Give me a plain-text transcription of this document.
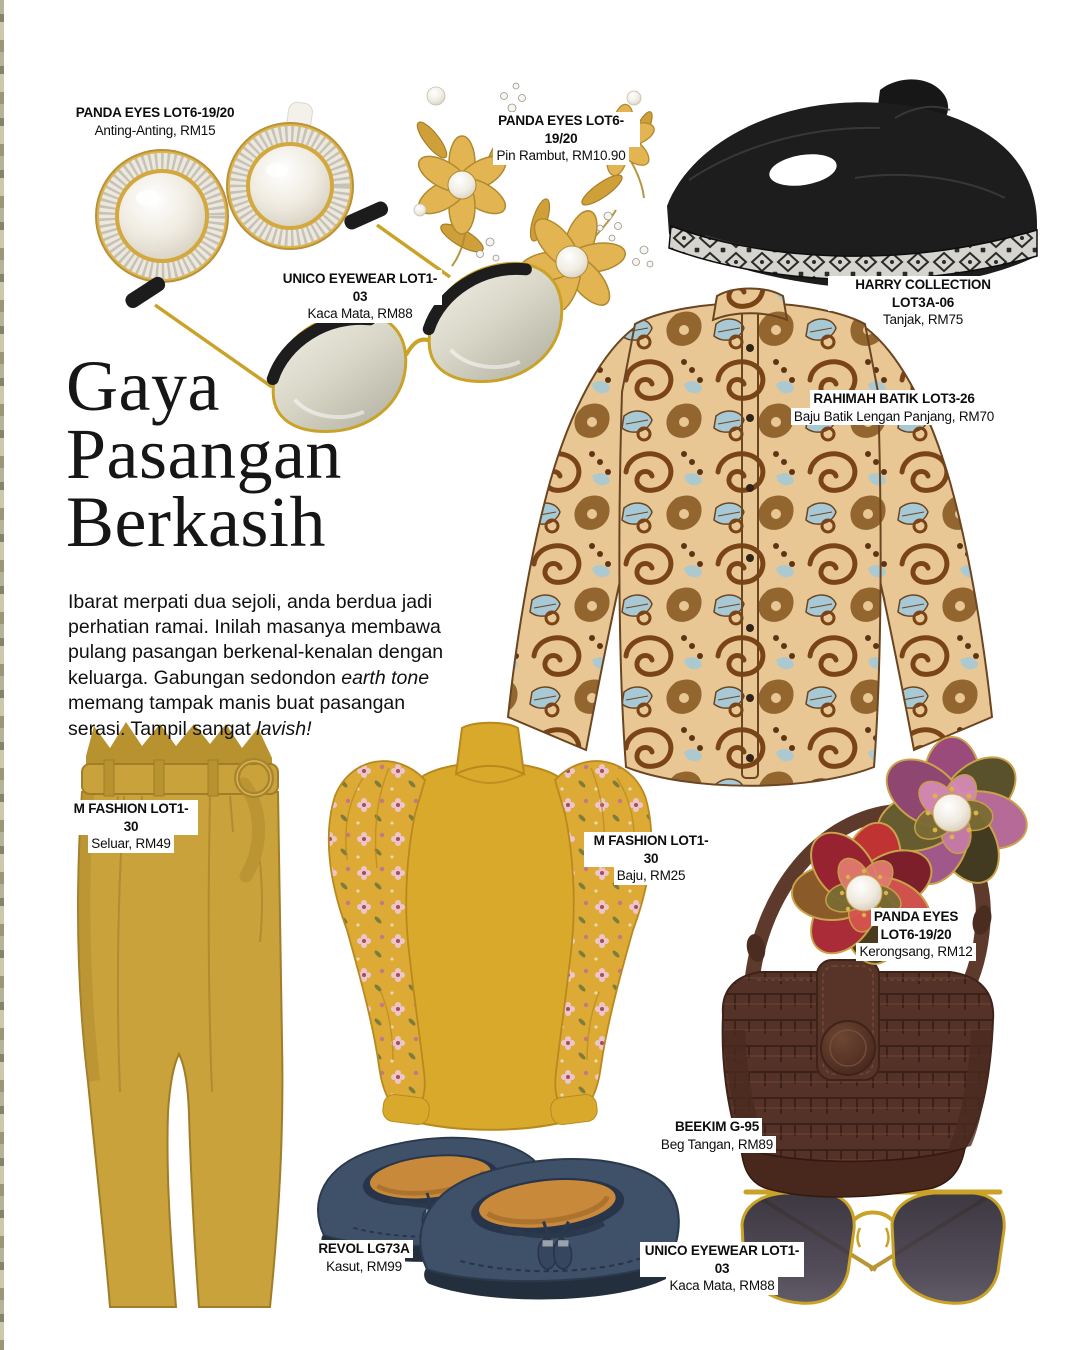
Gaya
Pasangan
Berkasih

Ibarat merpati dua sejoli, anda berdua jadi perhatian ramai. Inilah masanya membawa pulang pasangan berkenal-kenalan dengan keluarga. Gabungan sedondon earth tone memang tampak manis buat pasangan serasi. Tampil sangat lavish!

PANDA EYES LOT6-19/20
Anting-Anting, RM15
PANDA EYES LOT6-19/20
Pin Rambut, RM10.90
HARRY COLLECTION LOT3A-06
Tanjak, RM75
UNICO EYEWEAR LOT1-03
Kaca Mata, RM88
RAHIMAH BATIK LOT3-26
Baju Batik Lengan Panjang, RM70
M FASHION LOT1-30
Seluar, RM49	M FASHION LOT1-30
Baju, RM25
PANDA EYES
LOT6-19/20
Kerongsang, RM12
BEEKIM G-95
Beg Tangan, RM89
REVOL LG73A
Kasut, RM99
UNICO EYEWEAR LOT1-03
Kaca Mata, RM88
